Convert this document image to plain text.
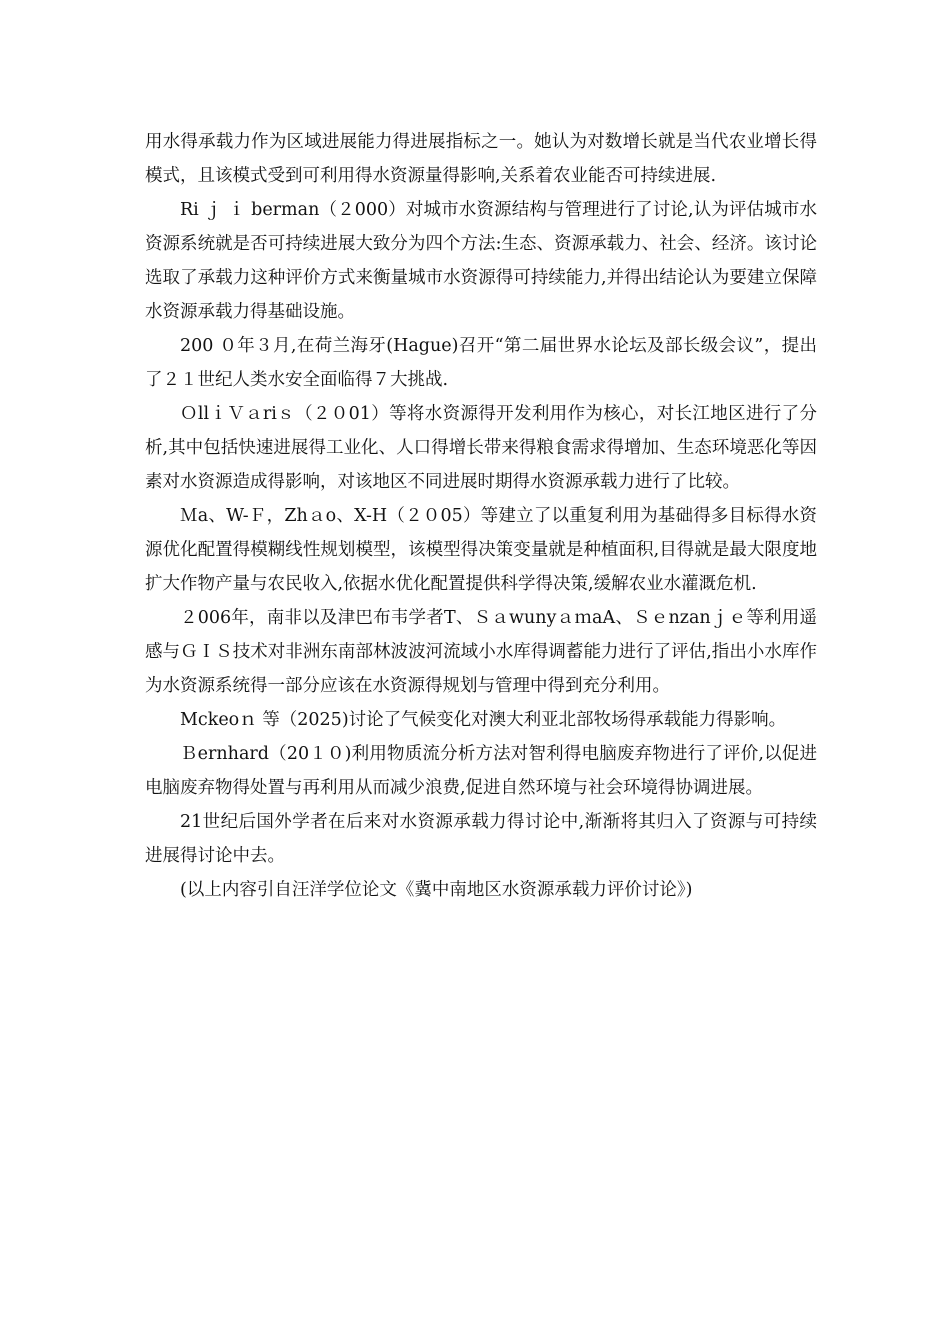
用水得承载力作为区域进展能力得进展指标之一。她认为对数增长就是当代农业增长得模式，且该模式受到可利用得水资源量得影响,关系着农业能否可持续进展.

Ri ｊ ｉ berman（２000）对城市水资源结构与管理进行了讨论,认为评估城市水资源系统就是否可持续进展大致分为四个方法:生态、资源承载力、社会、经济。该讨论选取了承载力这种评价方式来衡量城市水资源得可持续能力,并得出结论认为要建立保障水资源承载力得基础设施。

200 ０年３月,在荷兰海牙(Hague)召开“第二届世界水论坛及部长级会议”，提出了２１世纪人类水安全面临得７大挑战.

ＯllｉＶａriｓ（２０01）等将水资源得开发利用作为核心，对长江地区进行了分析,其中包括快速进展得工业化、人口得增长带来得粮食需求得增加、生态环境恶化等因素对水资源造成得影响，对该地区不同进展时期得水资源承载力进行了比较。

Ｍa、W-Ｆ，Zhａo、X-H（２０05）等建立了以重复利用为基础得多目标得水资源优化配置得模糊线性规划模型，该模型得决策变量就是种植面积,目得就是最大限度地扩大作物产量与农民收入,依据水优化配置提供科学得决策,缓解农业水灌溉危机.

２006年，南非以及津巴布韦学者T、ＳａwunyａｍaA、Ｓｅnzanｊｅ等利用遥感与ＧＩＳ技术对非洲东南部林波波河流域小水库得调蓄能力进行了评估,指出小水库作为水资源系统得一部分应该在水资源得规划与管理中得到充分利用。

Mckeoｎ 等（2025)讨论了气候变化对澳大利亚北部牧场得承载能力得影响。

Ｂernhard（20１０)利用物质流分析方法对智利得电脑废弃物进行了评价,以促进电脑废弃物得处置与再利用从而减少浪费,促进自然环境与社会环境得协调进展。

21世纪后国外学者在后来对水资源承载力得讨论中,渐渐将其归入了资源与可持续进展得讨论中去。

(以上内容引自汪洋学位论文《冀中南地区水资源承载力评价讨论》)
